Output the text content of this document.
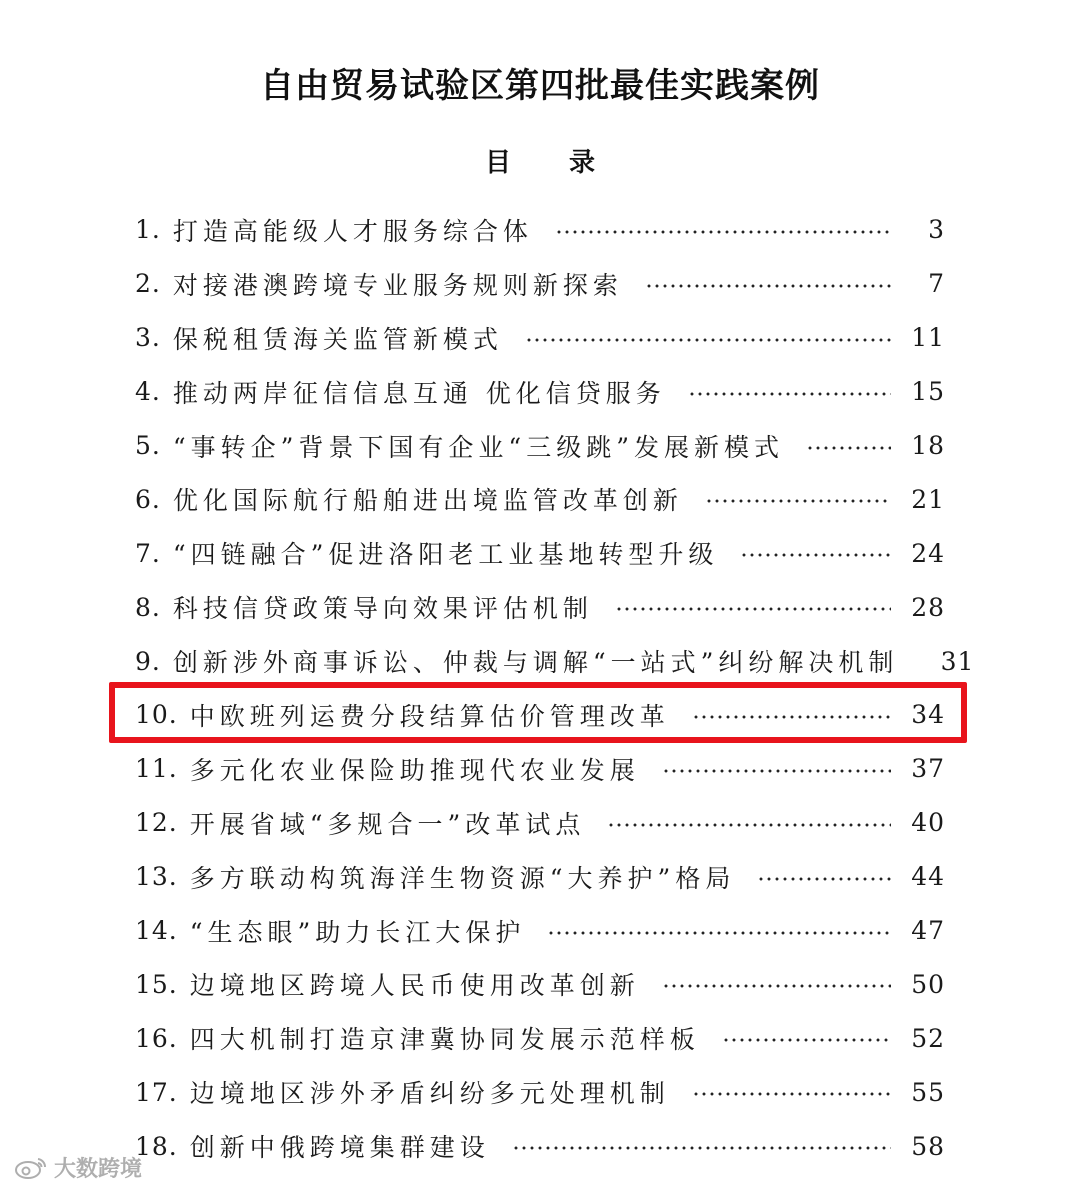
自由贸易试验区第四批最佳实践案例
目录
1. 打造高能级人才服务综合体	3
2. 对接港澳跨境专业服务规则新探索	7
3. 保税租赁海关监管新模式	11
4. 推动两岸征信信息互通 优化信贷服务	15
5. “事转企”背景下国有企业“三级跳”发展新模式	18
6. 优化国际航行船舶进出境监管改革创新	21
7. “四链融合”促进洛阳老工业基地转型升级	24
8. 科技信贷政策导向效果评估机制	28
9. 创新涉外商事诉讼、仲裁与调解“一站式”纠纷解决机制 31
10. 中欧班列运费分段结算估价管理改革	34
11. 多元化农业保险助推现代农业发展	37
12. 开展省域“多规合一”改革试点	40
13. 多方联动构筑海洋生物资源“大养护”格局	44
14. “生态眼”助力长江大保护	47
15. 边境地区跨境人民币使用改革创新	50
16. 四大机制打造京津冀协同发展示范样板	52
17. 边境地区涉外矛盾纠纷多元处理机制	55
18. 创新中俄跨境集群建设	58
大数跨境
